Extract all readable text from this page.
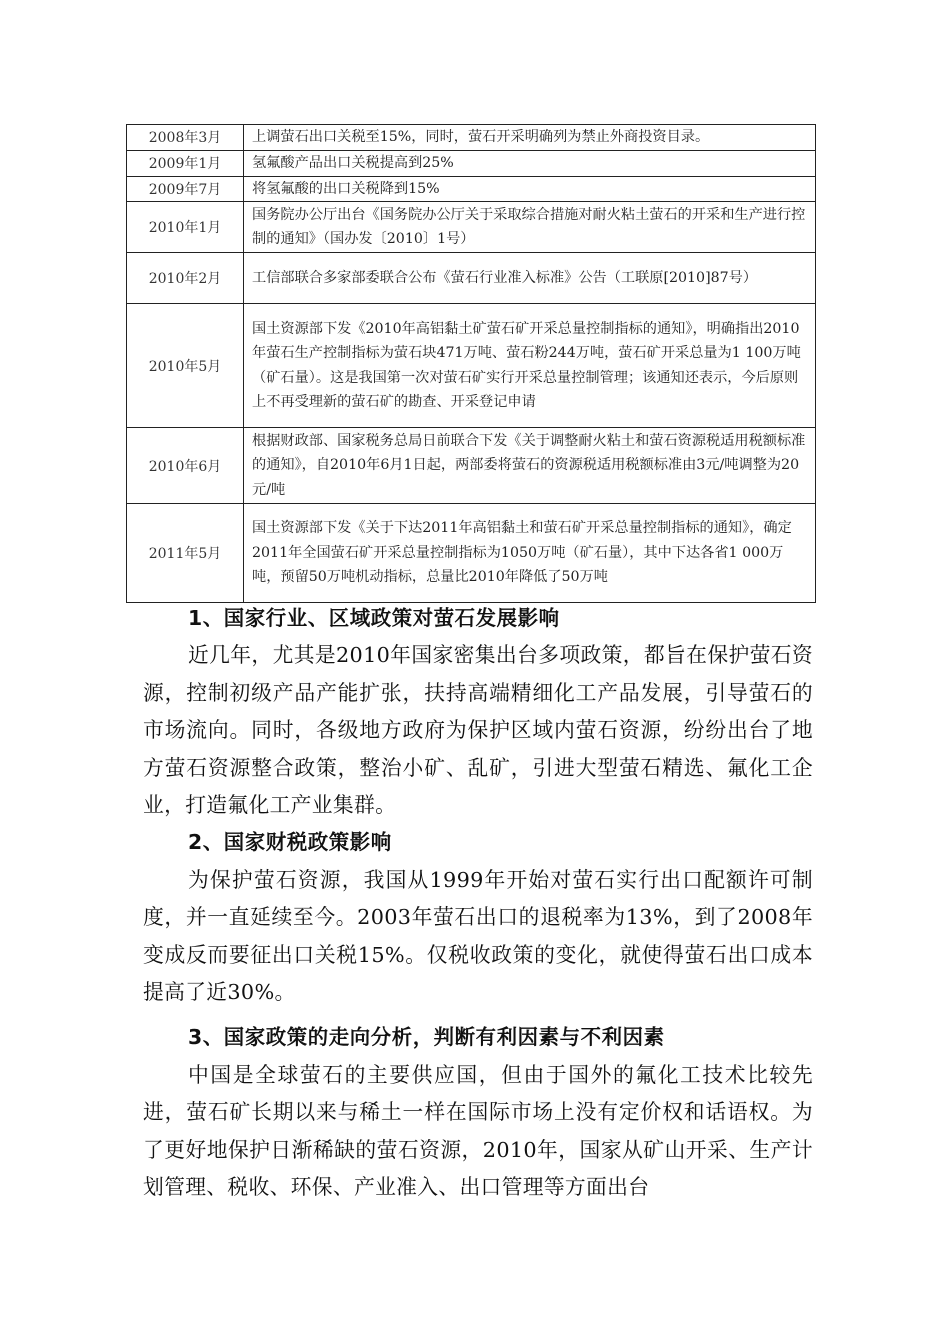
2008年3月	上调萤石出口关税至15%，同时，萤石开采明确列为禁止外商投资目录。
2009年1月	氢氟酸产品出口关税提高到25%
2009年7月	将氢氟酸的出口关税降到15%
2010年1月	国务院办公厅出台《国务院办公厅关于采取综合措施对耐火粘土萤石的开采和生产进行控制的通知》（国办发〔2010〕1号）
2010年2月	工信部联合多家部委联合公布《萤石行业准入标准》公告（工联原[2010]87号）
2010年5月	国土资源部下发《2010年高铝黏土矿萤石矿开采总量控制指标的通知》，明确指出2010年萤石生产控制指标为萤石块471万吨、萤石粉244万吨，萤石矿开采总量为1 100万吨（矿石量）。这是我国第一次对萤石矿实行开采总量控制管理；该通知还表示，今后原则上不再受理新的萤石矿的勘查、开采登记申请
2010年6月	根据财政部、国家税务总局日前联合下发《关于调整耐火粘土和萤石资源税适用税额标准的通知》，自2010年6月1日起，两部委将萤石的资源税适用税额标准由3元/吨调整为20元/吨
2011年5月	国土资源部下发《关于下达2011年高铝黏土和萤石矿开采总量控制指标的通知》，确定2011年全国萤石矿开采总量控制指标为1050万吨（矿石量），其中下达各省1 000万吨，预留50万吨机动指标，总量比2010年降低了50万吨
1、国家行业、区域政策对萤石发展影响

近几年，尤其是2010年国家密集出台多项政策，都旨在保护萤石资源，控制初级产品产能扩张，扶持高端精细化工产品发展，引导萤石的市场流向。同时，各级地方政府为保护区域内萤石资源，纷纷出台了地方萤石资源整合政策，整治小矿、乱矿，引进大型萤石精选、氟化工企业，打造氟化工产业集群。

2、国家财税政策影响

为保护萤石资源，我国从1999年开始对萤石实行出口配额许可制度，并一直延续至今。2003年萤石出口的退税率为13%，到了2008年变成反而要征出口关税15%。仅税收政策的变化，就使得萤石出口成本提高了近30%。

3、国家政策的走向分析，判断有利因素与不利因素

中国是全球萤石的主要供应国，但由于国外的氟化工技术比较先进，萤石矿长期以来与稀土一样在国际市场上没有定价权和话语权。为了更好地保护日渐稀缺的萤石资源，2010年，国家从矿山开采、生产计划管理、税收、环保、产业准入、出口管理等方面出台
